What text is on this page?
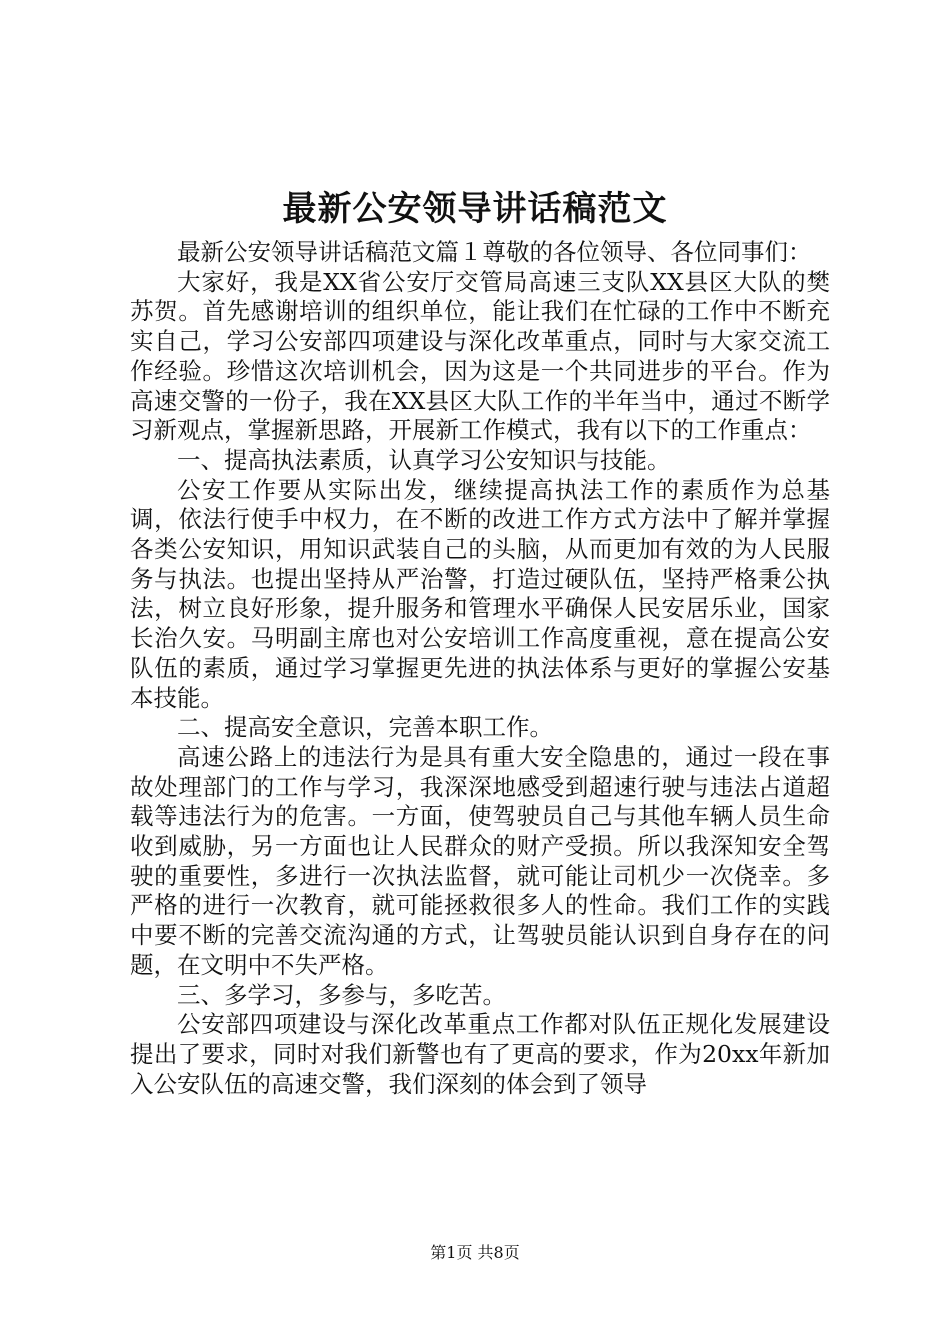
最新公安领导讲话稿范文

最新公安领导讲话稿范文篇１尊敬的各位领导、各位同事们：

大家好，我是XX省公安厅交管局高速三支队XX县区大队的樊苏贺。首先感谢培训的组织单位，能让我们在忙碌的工作中不断充实自己，学习公安部四项建设与深化改革重点，同时与大家交流工作经验。珍惜这次培训机会，因为这是一个共同进步的平台。作为高速交警的一份子，我在XX县区大队工作的半年当中，通过不断学习新观点，掌握新思路，开展新工作模式，我有以下的工作重点：

一、提高执法素质，认真学习公安知识与技能。

公安工作要从实际出发，继续提高执法工作的素质作为总基调，依法行使手中权力，在不断的改进工作方式方法中了解并掌握各类公安知识，用知识武装自己的头脑，从而更加有效的为人民服务与执法。也提出坚持从严治警，打造过硬队伍，坚持严格秉公执法，树立良好形象，提升服务和管理水平确保人民安居乐业，国家长治久安。马明副主席也对公安培训工作高度重视，意在提高公安队伍的素质，通过学习掌握更先进的执法体系与更好的掌握公安基本技能。

二、提高安全意识，完善本职工作。

高速公路上的违法行为是具有重大安全隐患的，通过一段在事故处理部门的工作与学习，我深深地感受到超速行驶与违法占道超载等违法行为的危害。一方面，使驾驶员自己与其他车辆人员生命收到威胁，另一方面也让人民群众的财产受损。所以我深知安全驾驶的重要性，多进行一次执法监督，就可能让司机少一次侥幸。多严格的进行一次教育，就可能拯救很多人的性命。我们工作的实践中要不断的完善交流沟通的方式，让驾驶员能认识到自身存在的问题，在文明中不失严格。

三、多学习，多参与，多吃苦。

公安部四项建设与深化改革重点工作都对队伍正规化发展建设提出了要求，同时对我们新警也有了更高的要求，作为20xx年新加入公安队伍的高速交警，我们深刻的体会到了领导

第1页 共8页
